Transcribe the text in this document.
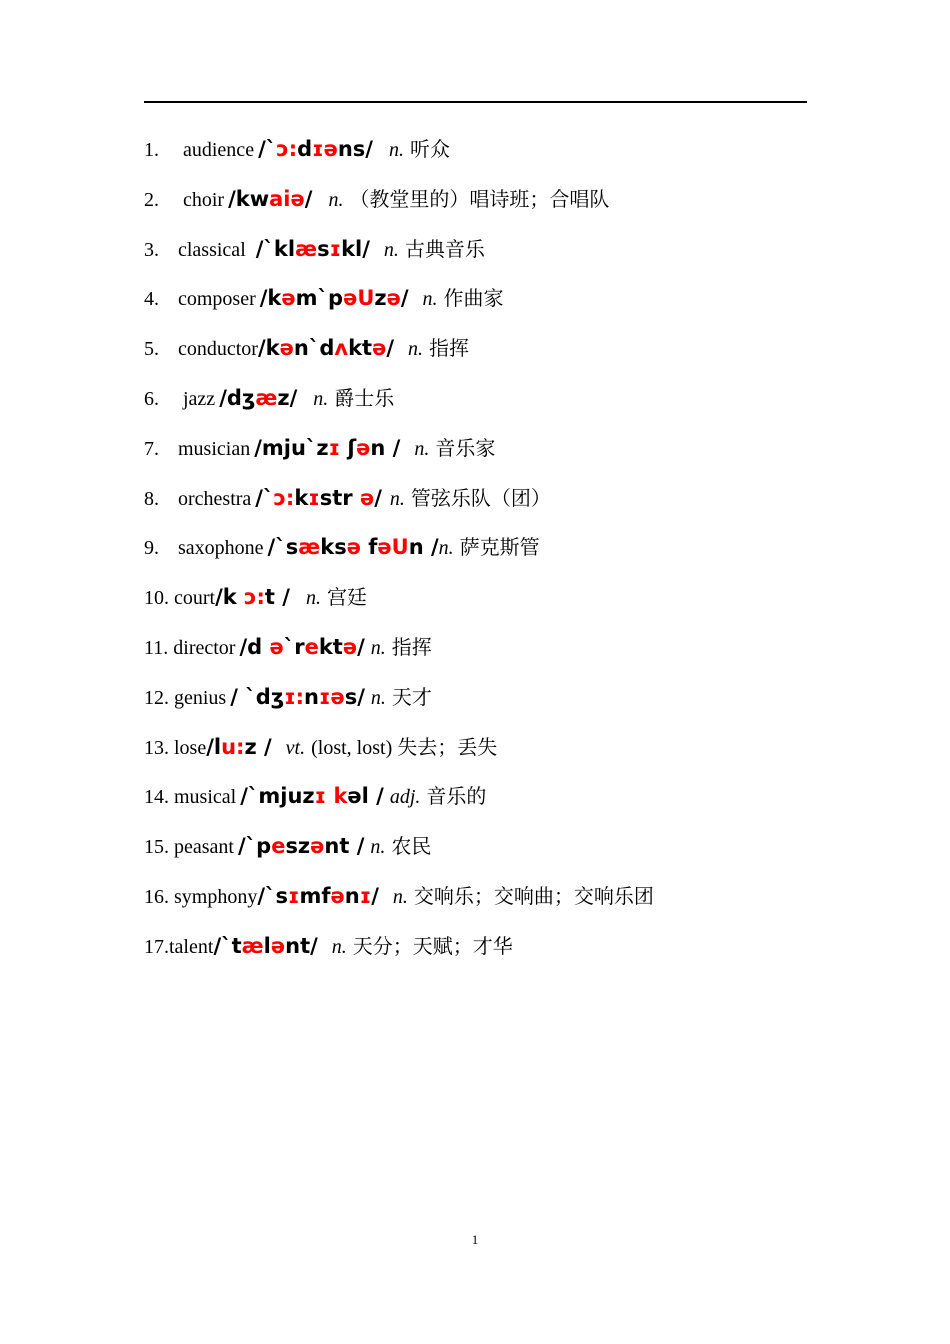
1. audience /`ɔ:dɪəns/ n. 听众
2. choir /kwaiə/ n. （教堂里的）唱诗班；合唱队
3. classical /`klæsɪkl/ n. 古典音乐
4. composer /kəm`pəUzə/ n. 作曲家
5. conductor/kən`dʌktə/ n. 指挥
6. jazz /dʒæz/ n. 爵士乐
7. musician /mju`zɪ ʃən / n. 音乐家
8. orchestra /`ɔ:kɪstr ə/ n. 管弦乐队（团）
9. saxophone /`sæksə fəUn /n. 萨克斯管
10. court/k ɔ:t / n. 宫廷
11. director /d ə`rektə/ n. 指挥
12. genius / `dʒɪ:nɪəs/ n. 天才
13. lose/lu:z / vt. (lost, lost) 失去；丢失
14. musical /`mjuzɪ kəl / adj. 音乐的
15. peasant /`peszənt / n. 农民
16. symphony/`sɪmfənɪ/ n. 交响乐；交响曲；交响乐团
17.talent/`tælənt/ n. 天分；天赋；才华
1
